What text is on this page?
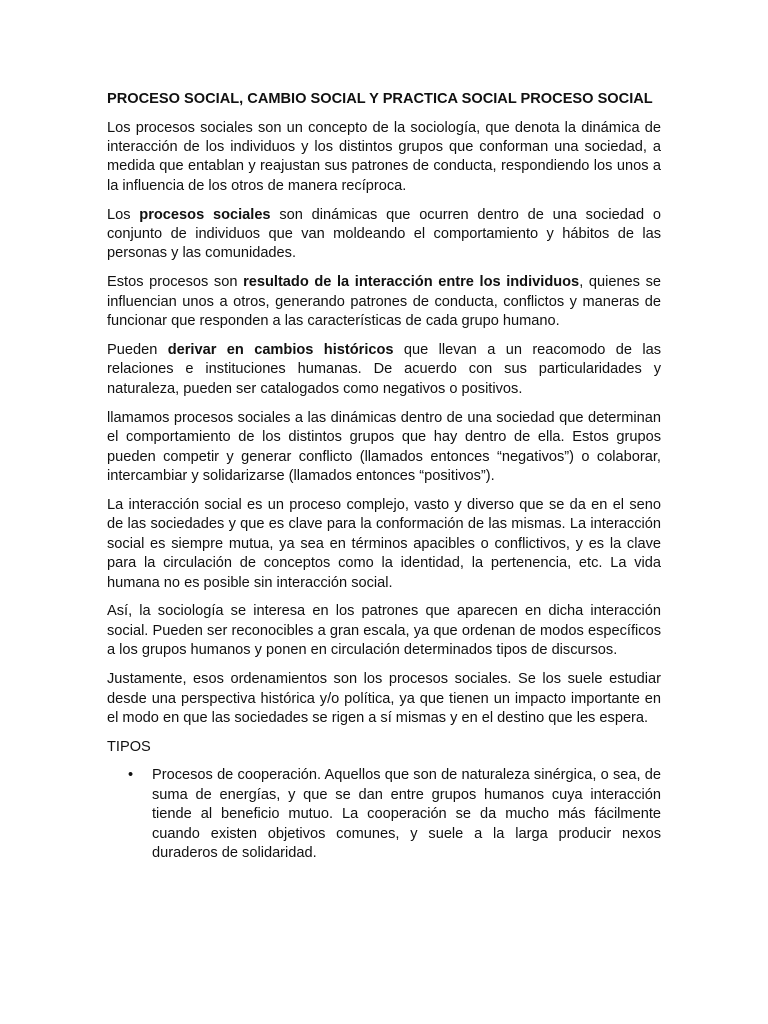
PROCESO SOCIAL, CAMBIO SOCIAL Y PRACTICA SOCIAL PROCESO SOCIAL

Los procesos sociales son un concepto de la sociología, que denota la dinámica de interacción de los individuos y los distintos grupos que conforman una sociedad, a medida que entablan y reajustan sus patrones de conducta, respondiendo los unos a la influencia de los otros de manera recíproca.

Los procesos sociales son dinámicas que ocurren dentro de una sociedad o conjunto de individuos que van moldeando el comportamiento y hábitos de las personas y las comunidades.

Estos procesos son resultado de la interacción entre los individuos, quienes se influencian unos a otros, generando patrones de conducta, conflictos y maneras de funcionar que responden a las características de cada grupo humano.

Pueden derivar en cambios históricos que llevan a un reacomodo de las relaciones e instituciones humanas. De acuerdo con sus particularidades y naturaleza, pueden ser catalogados como negativos o positivos.

llamamos procesos sociales a las dinámicas dentro de una sociedad que determinan el comportamiento de los distintos grupos que hay dentro de ella. Estos grupos pueden competir y generar conflicto (llamados entonces “negativos”) o colaborar, intercambiar y solidarizarse (llamados entonces “positivos”).

La interacción social es un proceso complejo, vasto y diverso que se da en el seno de las sociedades y que es clave para la conformación de las mismas. La interacción social es siempre mutua, ya sea en términos apacibles o conflictivos, y es la clave para la circulación de conceptos como la identidad, la pertenencia, etc. La vida humana no es posible sin interacción social.

Así, la sociología se interesa en los patrones que aparecen en dicha interacción social. Pueden ser reconocibles a gran escala, ya que ordenan de modos específicos a los grupos humanos y ponen en circulación determinados tipos de discursos.

Justamente, esos ordenamientos son los procesos sociales. Se los suele estudiar desde una perspectiva histórica y/o política, ya que tienen un impacto importante en el modo en que las sociedades se rigen a sí mismas y en el destino que les espera.

TIPOS
• Procesos de cooperación. Aquellos que son de naturaleza sinérgica, o sea, de suma de energías, y que se dan entre grupos humanos cuya interacción tiende al beneficio mutuo. La cooperación se da mucho más fácilmente cuando existen objetivos comunes, y suele a la larga producir nexos duraderos de solidaridad.
